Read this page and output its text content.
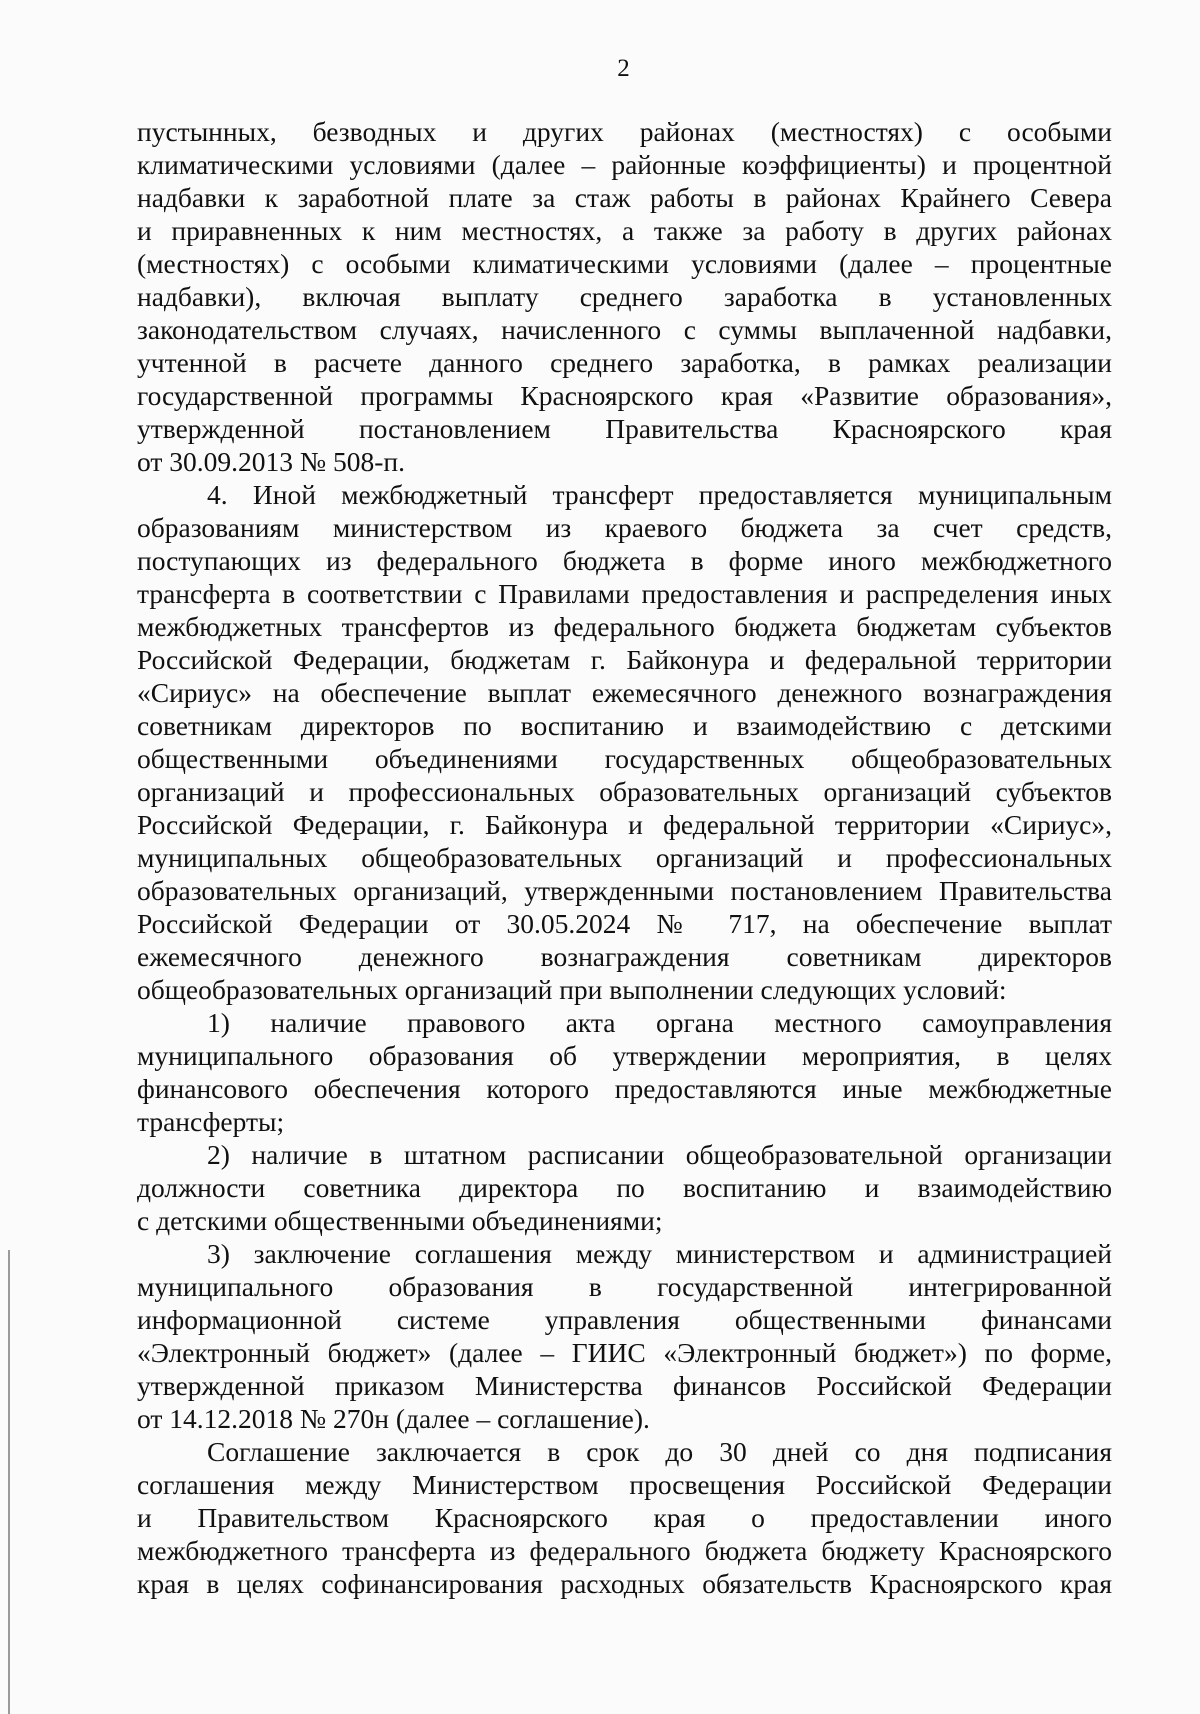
2
пустынных, безводных и других районах (местностях) с особыми
климатическими условиями (далее – районные коэффициенты) и процентной
надбавки к заработной плате за стаж работы в районах Крайнего Севера
и приравненных к ним местностях, а также за работу в других районах
(местностях) с особыми климатическими условиями (далее – процентные
надбавки), включая выплату среднего заработка в установленных
законодательством случаях, начисленного с суммы выплаченной надбавки,
учтенной в расчете данного среднего заработка, в рамках реализации
государственной программы Красноярского края «Развитие образования»,
утвержденной постановлением Правительства Красноярского края
от 30.09.2013 № 508-п.
4. Иной межбюджетный трансферт предоставляется муниципальным
образованиям министерством из краевого бюджета за счет средств,
поступающих из федерального бюджета в форме иного межбюджетного
трансферта в соответствии с Правилами предоставления и распределения иных
межбюджетных трансфертов из федерального бюджета бюджетам субъектов
Российской Федерации, бюджетам г. Байконура и федеральной территории
«Сириус» на обеспечение выплат ежемесячного денежного вознаграждения
советникам директоров по воспитанию и взаимодействию с детскими
общественными объединениями государственных общеобразовательных
организаций и профессиональных образовательных организаций субъектов
Российской Федерации, г. Байконура и федеральной территории «Сириус»,
муниципальных общеобразовательных организаций и профессиональных
образовательных организаций, утвержденными постановлением Правительства
Российской Федерации от 30.05.2024 № 717, на обеспечение выплат
ежемесячного денежного вознаграждения советникам директоров
общеобразовательных организаций при выполнении следующих условий:
1) наличие правового акта органа местного самоуправления
муниципального образования об утверждении мероприятия, в целях
финансового обеспечения которого предоставляются иные межбюджетные
трансферты;
2) наличие в штатном расписании общеобразовательной организации
должности советника директора по воспитанию и взаимодействию
с детскими общественными объединениями;
3) заключение соглашения между министерством и администрацией
муниципального образования в государственной интегрированной
информационной системе управления общественными финансами
«Электронный бюджет» (далее – ГИИС «Электронный бюджет») по форме,
утвержденной приказом Министерства финансов Российской Федерации
от 14.12.2018 № 270н (далее – соглашение).
Соглашение заключается в срок до 30 дней со дня подписания
соглашения между Министерством просвещения Российской Федерации
и Правительством Красноярского края о предоставлении иного
межбюджетного трансферта из федерального бюджета бюджету Красноярского
края в целях софинансирования расходных обязательств Красноярского края
